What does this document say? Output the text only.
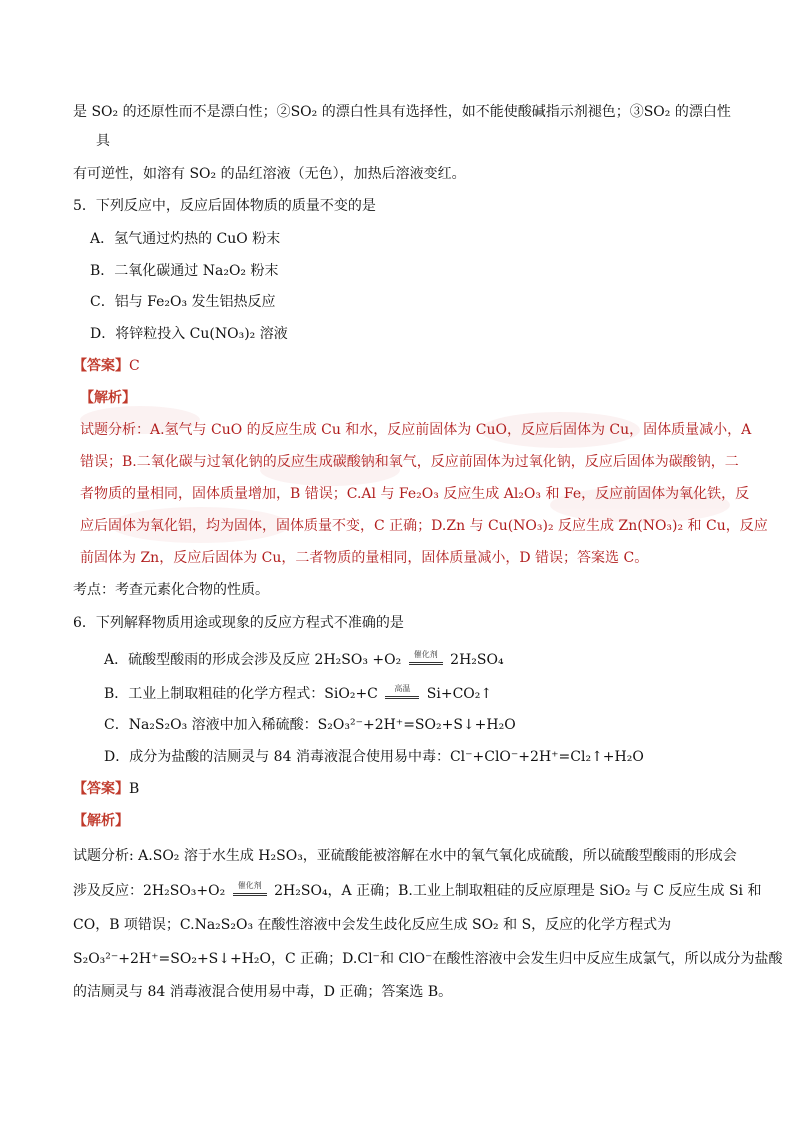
是 SO₂ 的还原性而不是漂白性；②SO₂ 的漂白性具有选择性，如不能使酸碱指示剂褪色；③SO₂ 的漂白性
具
有可逆性，如溶有 SO₂ 的品红溶液（无色），加热后溶液变红。
5．下列反应中，反应后固体物质的质量不变的是
A．氢气通过灼热的 CuO 粉末
B．二氧化碳通过 Na₂O₂ 粉末
C．铝与 Fe₂O₃ 发生铝热反应
D．将锌粒投入 Cu(NO₃)₂ 溶液
【答案】C
【解析】
试题分析：A.氢气与 CuO 的反应生成 Cu 和水，反应前固体为 CuO，反应后固体为 Cu，固体质量减小，A
错误；B.二氧化碳与过氧化钠的反应生成碳酸钠和氧气，反应前固体为过氧化钠，反应后固体为碳酸钠，二
者物质的量相同，固体质量增加，B 错误；C.Al 与 Fe₂O₃ 反应生成 Al₂O₃ 和 Fe，反应前固体为氧化铁，反
应后固体为氧化铝，均为固体，固体质量不变，C 正确；D.Zn 与 Cu(NO₃)₂ 反应生成 Zn(NO₃)₂ 和 Cu，反应
前固体为 Zn，反应后固体为 Cu，二者物质的量相同，固体质量减小，D 错误；答案选 C。
考点：考查元素化合物的性质。
6．下列解释物质用途或现象的反应方程式不准确的是
A．硫酸型酸雨的形成会涉及反应 2H₂SO₃ +O₂	催化剂 2H₂SO₄
B．工业上制取粗硅的化学方程式：SiO₂+C	高温	Si+CO₂↑
C．Na₂S₂O₃ 溶液中加入稀硫酸：S₂O₃²⁻+2H⁺=SO₂+S↓+H₂O
D．成分为盐酸的洁厕灵与 84 消毒液混合使用易中毒：Cl⁻+ClO⁻+2H⁺=Cl₂↑+H₂O
【答案】B
【解析】
试题分析: A.SO₂ 溶于水生成 H₂SO₃，亚硫酸能被溶解在水中的氧气氧化成硫酸，所以硫酸型酸雨的形成会
涉及反应：2H₂SO₃+O₂	催化剂 2H₂SO₄，A 正确；B.工业上制取粗硅的反应原理是 SiO₂ 与 C 反应生成 Si 和
CO，B 项错误；C.Na₂S₂O₃ 在酸性溶液中会发生歧化反应生成 SO₂ 和 S，反应的化学方程式为
S₂O₃²⁻+2H⁺=SO₂+S↓+H₂O，C 正确；D.Cl⁻和 ClO⁻在酸性溶液中会发生归中反应生成氯气，所以成分为盐酸
的洁厕灵与 84 消毒液混合使用易中毒，D 正确；答案选 B。
